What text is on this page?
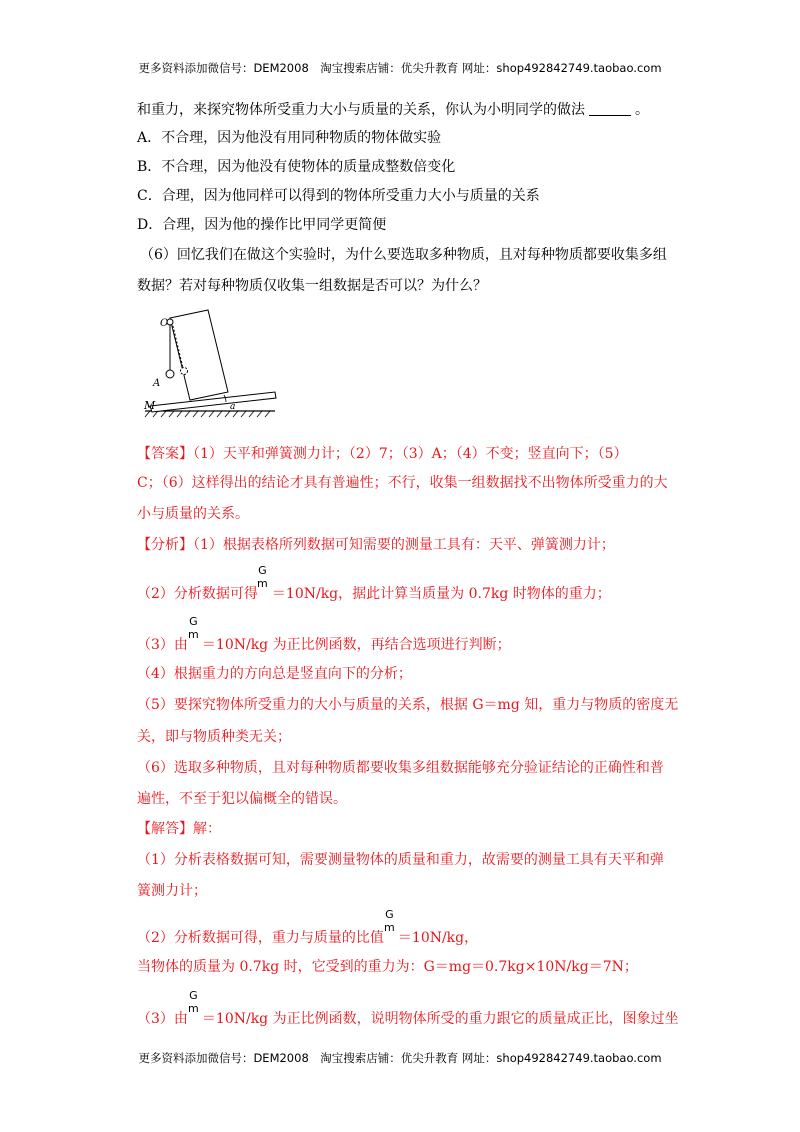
更多资料添加微信号：DEM2008　淘宝搜索店铺：优尖升教育 网址：shop492842749.taobao.com
和重力，来探究物体所受重力大小与质量的关系，你认为小明同学的做法	。
A．不合理，因为他没有用同种物质的物体做实验
B．不合理，因为他没有使物体的质量成整数倍变化
C．合理，因为他同样可以得到的物体所受重力大小与质量的关系
D．合理，因为他的操作比甲同学更简便
（6）回忆我们在做这个实验时，为什么要选取多种物质，且对每种物质都要收集多组
数据？若对每种物质仅收集一组数据是否可以？为什么？
O
A
M	a
【答案】（1）天平和弹簧测力计；（2）7；（3）A；（4）不变；竖直向下；（5）
C；（6）这样得出的结论才具有普遍性；不行，收集一组数据找不出物体所受重力的大
小与质量的关系。
【分析】（1）根据表格所列数据可知需要的测量工具有：天平、弹簧测力计；
（2）分析数据可得 ＝10N/kg，据此计算当质量为 0.7kg 时物体的重力；
G
m
（3）由 ＝10N/kg 为正比例函数，再结合选项进行判断；
G
m
（4）根据重力的方向总是竖直向下的分析；
（5）要探究物体所受重力的大小与质量的关系，根据 G＝mg 知，重力与物质的密度无
关，即与物质种类无关；
（6）选取多种物质，且对每种物质都要收集多组数据能够充分验证结论的正确性和普
遍性，不至于犯以偏概全的错误。
【解答】解：
（1）分析表格数据可知，需要测量物体的质量和重力，故需要的测量工具有天平和弹
簧测力计；
（2）分析数据可得，重力与质量的比值 ＝10N/kg，
G
m
当物体的质量为 0.7kg 时，它受到的重力为：G＝mg＝0.7kg×10N/kg＝7N；
（3）由 ＝10N/kg 为正比例函数，说明物体所受的重力跟它的质量成正比，图象过坐
G
m
更多资料添加微信号：DEM2008　淘宝搜索店铺：优尖升教育 网址：shop492842749.taobao.com
